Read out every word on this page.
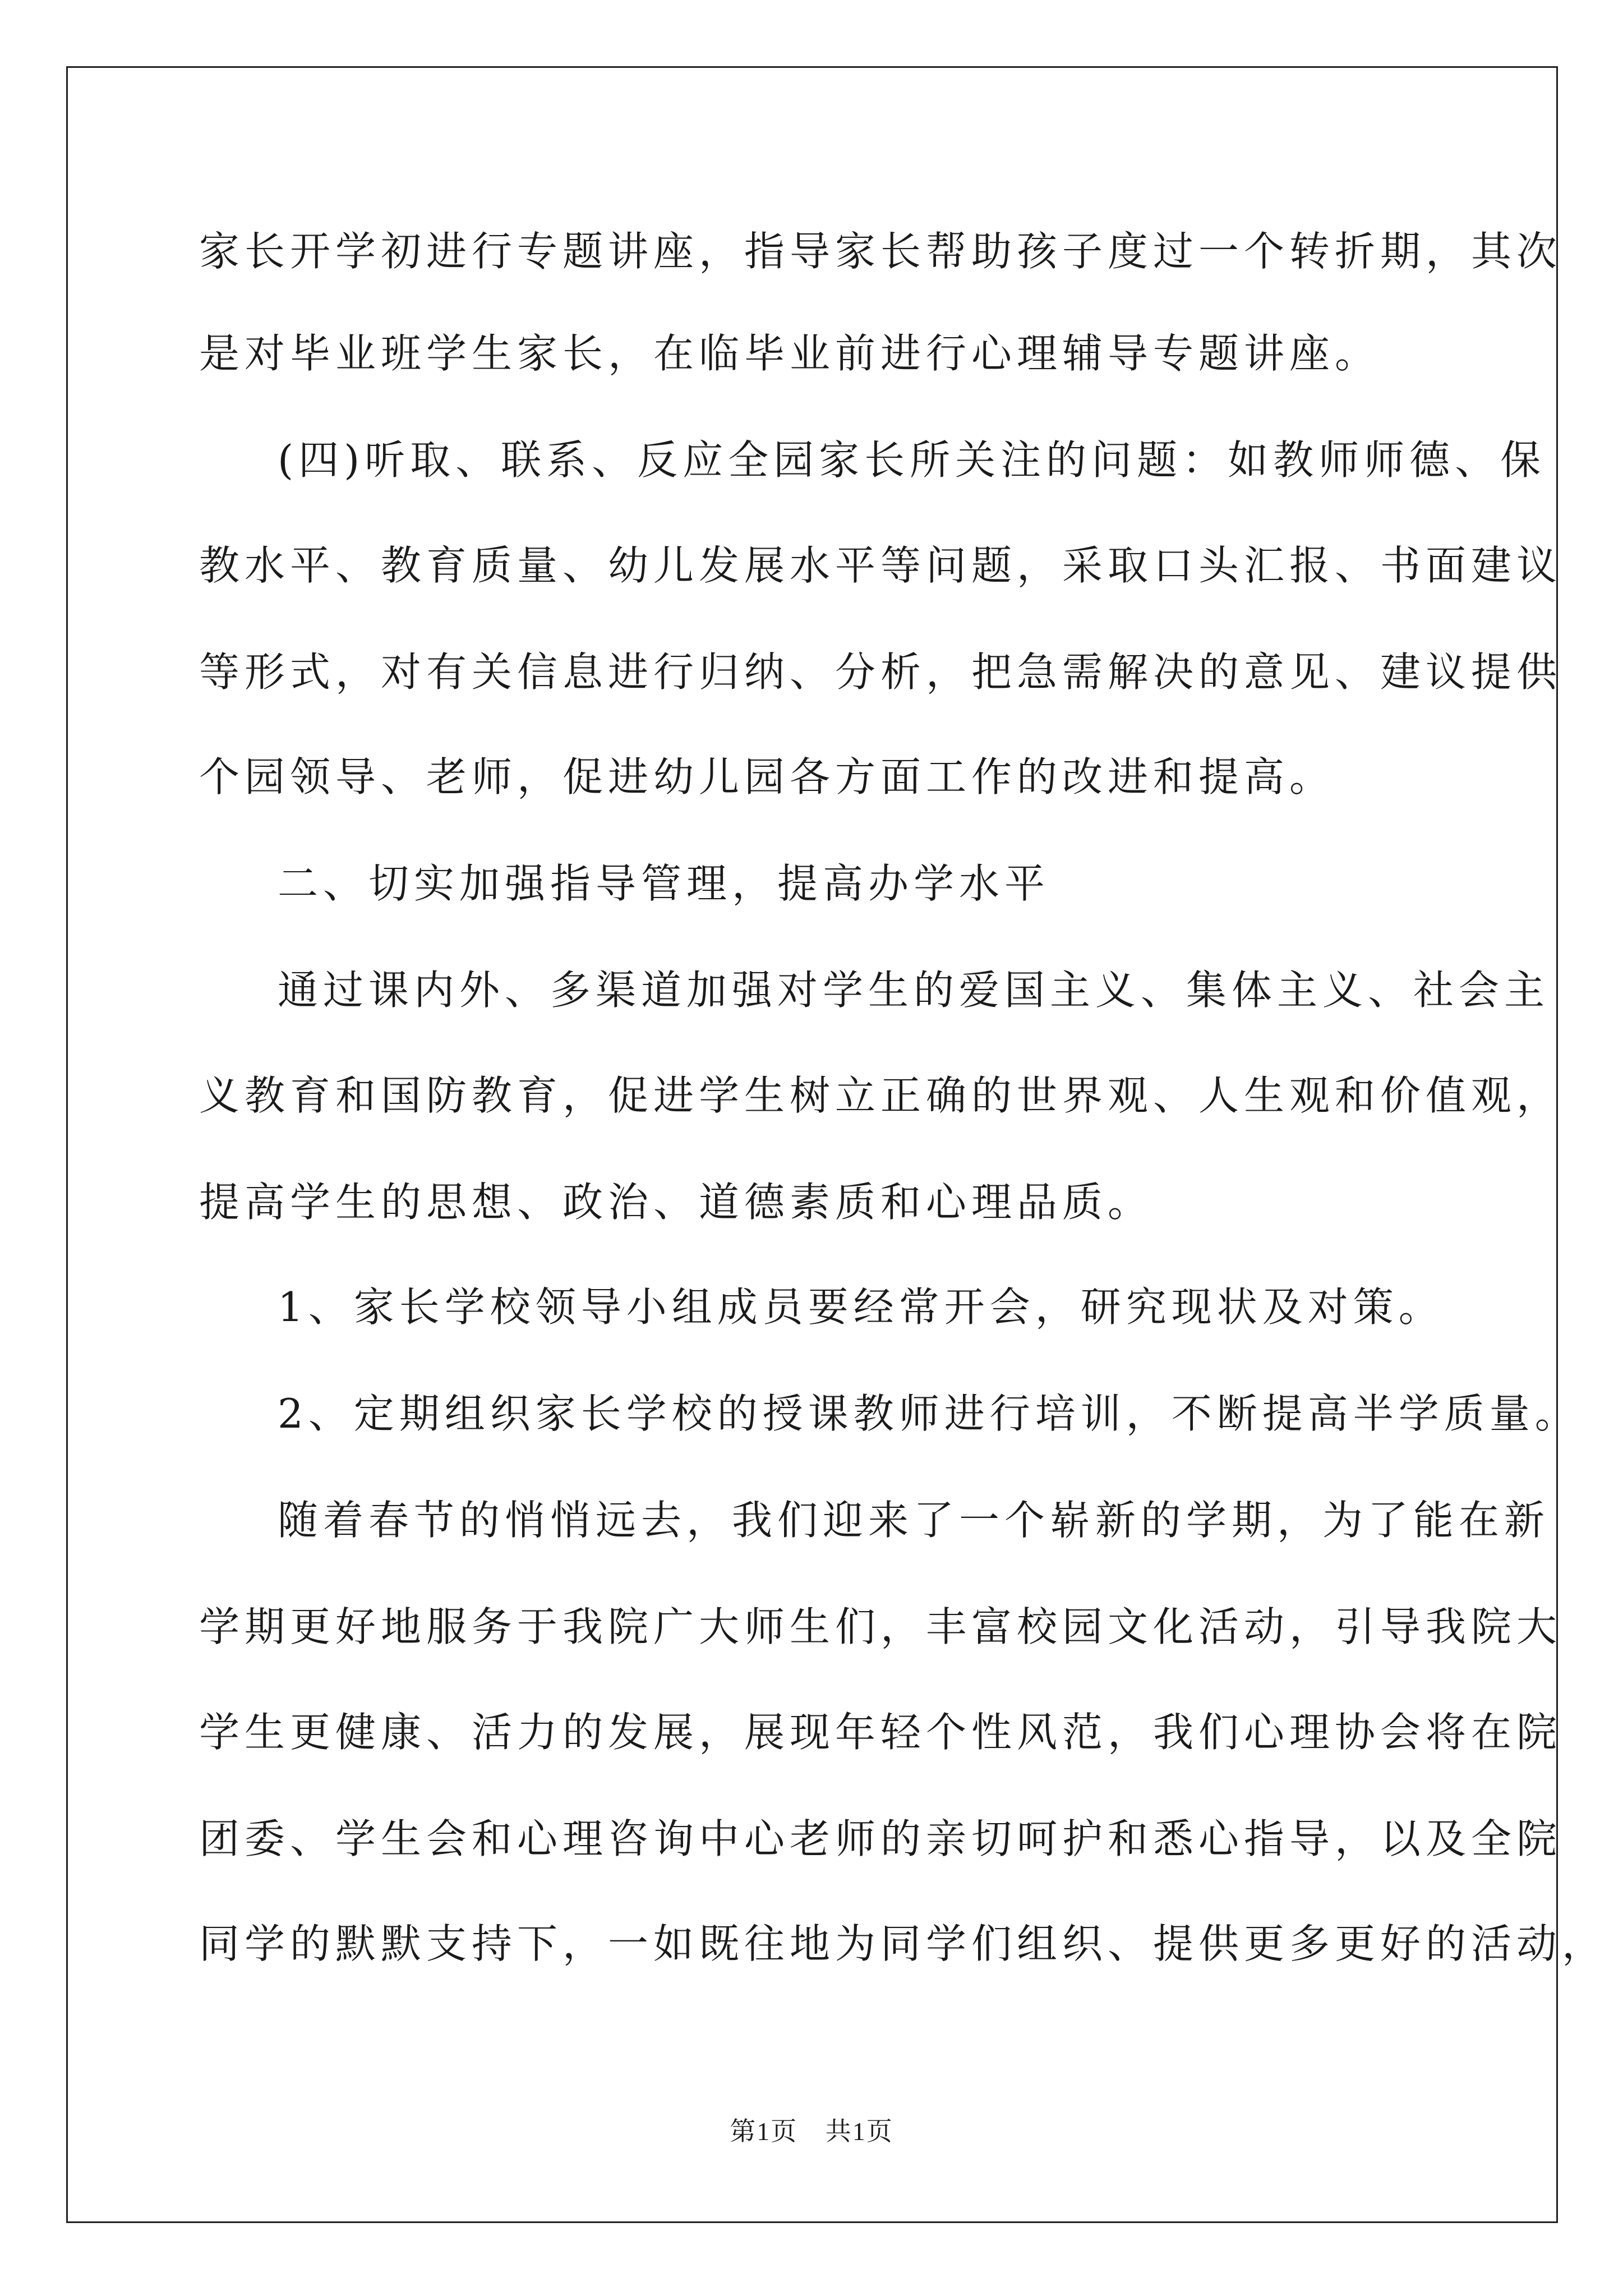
家长开学初进行专题讲座，指导家长帮助孩子度过一个转折期，其次
是对毕业班学生家长，在临毕业前进行心理辅导专题讲座。
(四)听取、联系、反应全园家长所关注的问题：如教师师德、保
教水平、教育质量、幼儿发展水平等问题，采取口头汇报、书面建议
等形式，对有关信息进行归纳、分析，把急需解决的意见、建议提供
个园领导、老师，促进幼儿园各方面工作的改进和提高。
二、切实加强指导管理，提高办学水平
通过课内外、多渠道加强对学生的爱国主义、集体主义、社会主
义教育和国防教育，促进学生树立正确的世界观、人生观和价值观，
提高学生的思想、政治、道德素质和心理品质。
1、家长学校领导小组成员要经常开会，研究现状及对策。
2、定期组织家长学校的授课教师进行培训，不断提高半学质量。
随着春节的悄悄远去，我们迎来了一个崭新的学期，为了能在新
学期更好地服务于我院广大师生们，丰富校园文化活动，引导我院大
学生更健康、活力的发展，展现年轻个性风范，我们心理协会将在院
团委、学生会和心理咨询中心老师的亲切呵护和悉心指导，以及全院
同学的默默支持下，一如既往地为同学们组织、提供更多更好的活动，
第1页 共1页
